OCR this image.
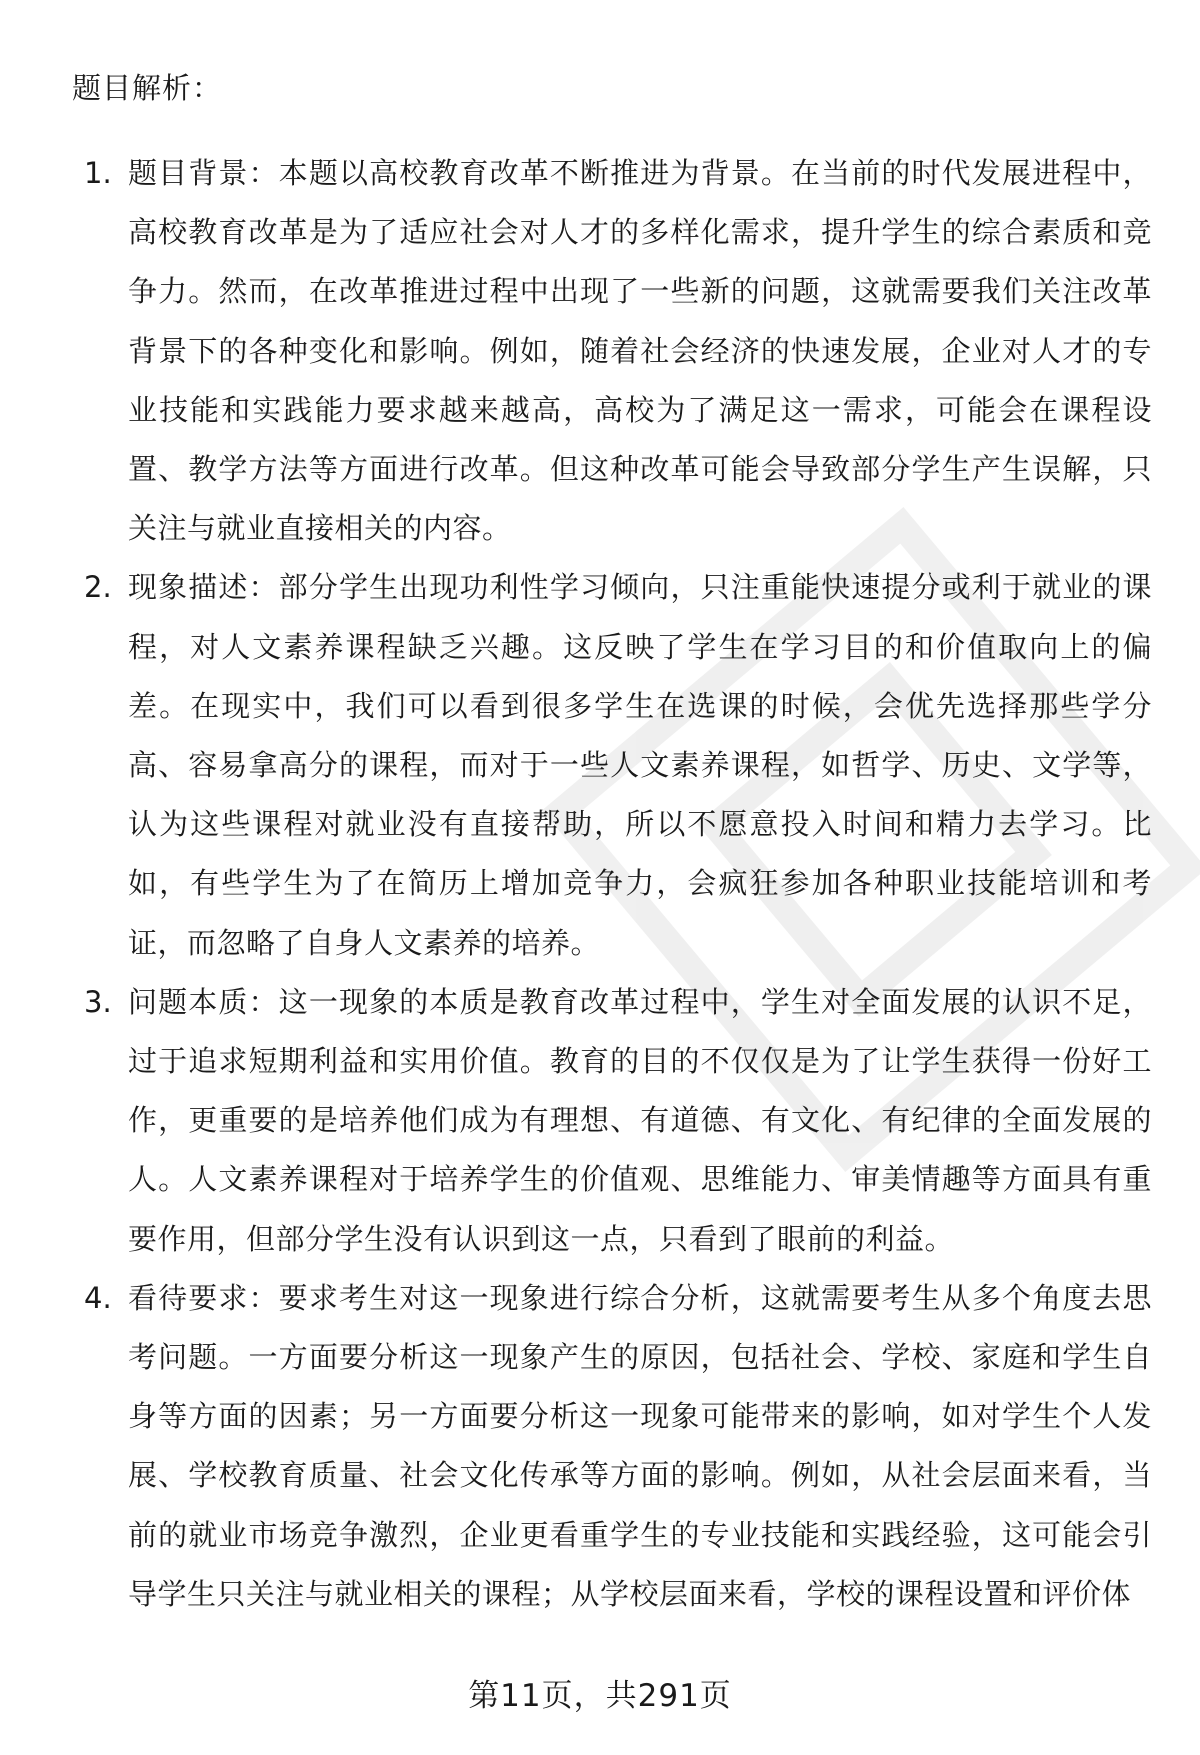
题目解析：
1. 题目背景：本题以高校教育改革不断推进为背景。在当前的时代发展进程中，高校教育改革是为了适应社会对人才的多样化需求，提升学生的综合素质和竞争力。然而，在改革推进过程中出现了一些新的问题，这就需要我们关注改革背景下的各种变化和影响。例如，随着社会经济的快速发展，企业对人才的专业技能和实践能力要求越来越高，高校为了满足这一需求，可能会在课程设置、教学方法等方面进行改革。但这种改革可能会导致部分学生产生误解，只关注与就业直接相关的内容。
2. 现象描述：部分学生出现功利性学习倾向，只注重能快速提分或利于就业的课程，对人文素养课程缺乏兴趣。这反映了学生在学习目的和价值取向上的偏差。在现实中，我们可以看到很多学生在选课的时候，会优先选择那些学分高、容易拿高分的课程，而对于一些人文素养课程，如哲学、历史、文学等，认为这些课程对就业没有直接帮助，所以不愿意投入时间和精力去学习。比如，有些学生为了在简历上增加竞争力，会疯狂参加各种职业技能培训和考证，而忽略了自身人文素养的培养。
3. 问题本质：这一现象的本质是教育改革过程中，学生对全面发展的认识不足，过于追求短期利益和实用价值。教育的目的不仅仅是为了让学生获得一份好工作，更重要的是培养他们成为有理想、有道德、有文化、有纪律的全面发展的人。人文素养课程对于培养学生的价值观、思维能力、审美情趣等方面具有重要作用，但部分学生没有认识到这一点，只看到了眼前的利益。
4. 看待要求：要求考生对这一现象进行综合分析，这就需要考生从多个角度去思考问题。一方面要分析这一现象产生的原因，包括社会、学校、家庭和学生自身等方面的因素；另一方面要分析这一现象可能带来的影响，如对学生个人发展、学校教育质量、社会文化传承等方面的影响。例如，从社会层面来看，当前的就业市场竞争激烈，企业更看重学生的专业技能和实践经验，这可能会引导学生只关注与就业相关的课程；从学校层面来看，学校的课程设置和评价体
第11页，共291页
